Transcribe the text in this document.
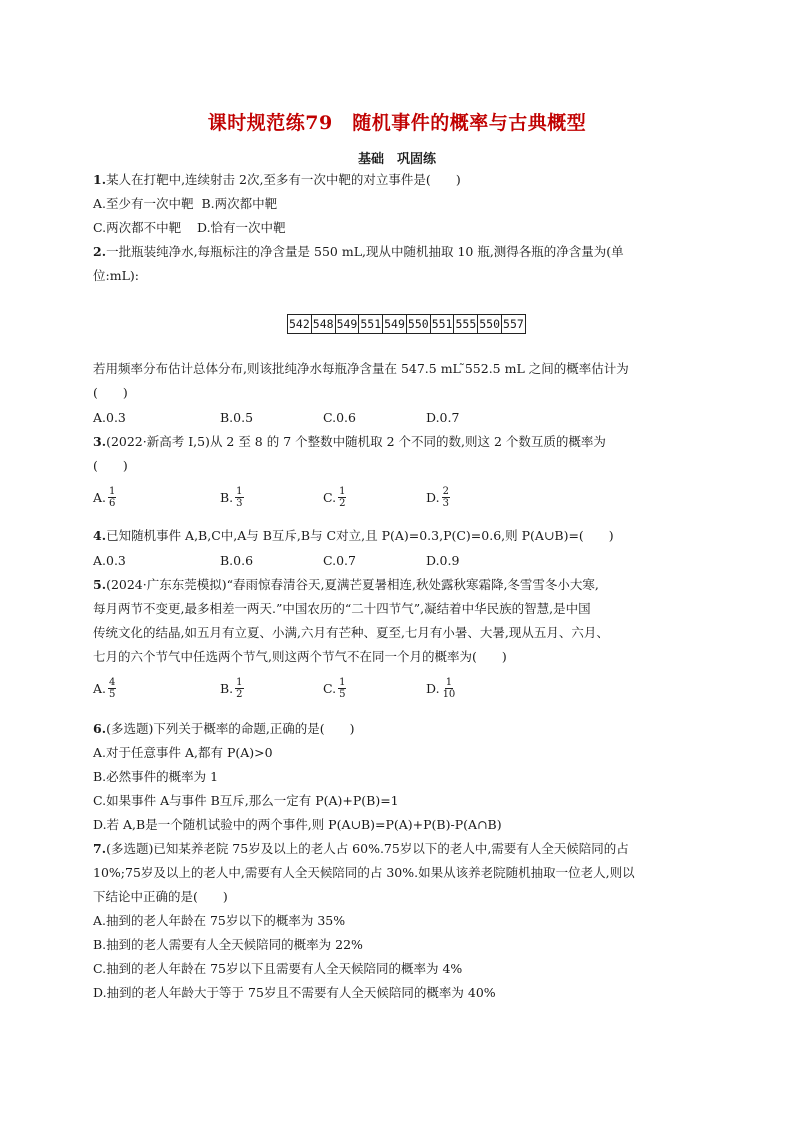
课时规范练79　随机事件的概率与古典概型
基础　巩固练
1.某人在打靶中,连续射击 2次,至多有一次中靶的对立事件是(　　)
A.至少有一次中靶 B.两次都中靶
C.两次都不中靶 D.恰有一次中靶
2.一批瓶装纯净水,每瓶标注的净含量是 550 mL,现从中随机抽取 10 瓶,测得各瓶的净含量为(单
位:mL):
542	548	549	551	549	550	551	555	550	557
若用频率分布估计总体分布,则该批纯净水每瓶净含量在 547.5 mL ̃552.5 mL 之间的概率估计为
(　　)
A.0.3	B.0.5	C.0.6	D.0.7
3.(2022·新高考 Ⅰ,5)从 2 至 8 的 7 个整数中随机取 2 个不同的数,则这 2 个数互质的概率为
(　　)
A. $\frac{1}{6}$	B. $\frac{1}{3}$	C. $\frac{1}{2}$	D. $\frac{2}{3}$
4.已知随机事件 A,B,C中,A与 B互斥,B与 C对立,且 P(A)=0.3,P(C)=0.6,则 P(A∪B)=(　　)
A.0.3	B.0.6	C.0.7	D.0.9
5.(2024·广东东莞模拟)“春雨惊春清谷天,夏满芒夏暑相连,秋处露秋寒霜降,冬雪雪冬小大寒,
每月两节不变更,最多相差一两天.”中国农历的“二十四节气”,凝结着中华民族的智慧,是中国
传统文化的结晶,如五月有立夏、小满,六月有芒种、夏至,七月有小暑、大暑,现从五月、六月、
七月的六个节气中任选两个节气,则这两个节气不在同一个月的概率为(　　)
A. $\frac{4}{5}$	B. $\frac{1}{2}$	C. $\frac{1}{5}$	D. $\frac{1}{10}$
6.(多选题)下列关于概率的命题,正确的是(　　)
A.对于任意事件 A,都有 P(A)>0
B.必然事件的概率为 1
C.如果事件 A与事件 B互斥,那么一定有 P(A)+P(B)=1
D.若 A,B是一个随机试验中的两个事件,则 P(A∪B)=P(A)+P(B)-P(A∩B)
7.(多选题)已知某养老院 75岁及以上的老人占 60%.75岁以下的老人中,需要有人全天候陪同的占
10%;75岁及以上的老人中,需要有人全天候陪同的占 30%.如果从该养老院随机抽取一位老人,则以
下结论中正确的是(　　)
A.抽到的老人年龄在 75岁以下的概率为 35%
B.抽到的老人需要有人全天候陪同的概率为 22%
C.抽到的老人年龄在 75岁以下且需要有人全天候陪同的概率为 4%
D.抽到的老人年龄大于等于 75岁且不需要有人全天候陪同的概率为 40%
